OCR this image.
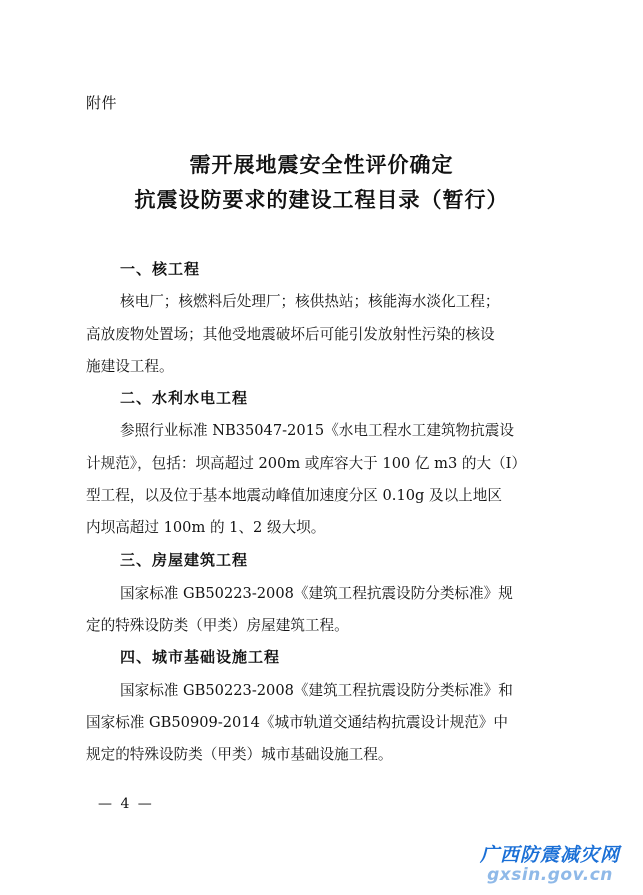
附件
需开展地震安全性评价确定
抗震设防要求的建设工程目录（暂行）
一、核工程
核电厂；核燃料后处理厂；核供热站；核能海水淡化工程；
高放废物处置场；其他受地震破坏后可能引发放射性污染的核设
施建设工程。
二、水利水电工程
参照行业标准 NB35047-2015《水电工程水工建筑物抗震设
计规范》，包括：坝高超过 200m 或库容大于 100 亿 m3 的大（Ⅰ）
型工程，以及位于基本地震动峰值加速度分区 0.10g 及以上地区
内坝高超过 100m 的 1、2 级大坝。
三、房屋建筑工程
国家标准 GB50223-2008《建筑工程抗震设防分类标准》规
定的特殊设防类（甲类）房屋建筑工程。
四、城市基础设施工程
国家标准 GB50223-2008《建筑工程抗震设防分类标准》和
国家标准 GB50909-2014《城市轨道交通结构抗震设计规范》中
规定的特殊设防类（甲类）城市基础设施工程。
— 4 —
广西防震减灾网
gxsin.gov.cn
